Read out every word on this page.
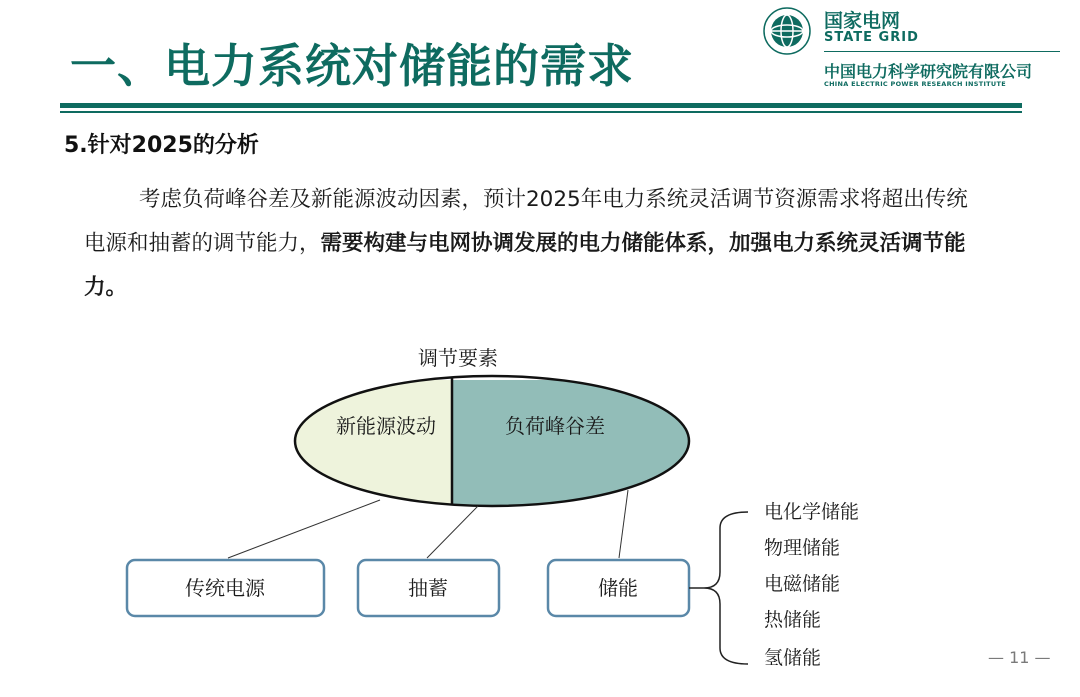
一、电力系统对储能的需求
国家电网
STATE GRID
中国电力科学研究院有限公司
CHINA ELECTRIC POWER RESEARCH INSTITUTE
5.针对2025的分析
考虑负荷峰谷差及新能源波动因素，预计2025年电力系统灵活调节资源需求将超出传统电源和抽蓄的调节能力，需要构建与电网协调发展的电力储能体系，加强电力系统灵活调节能力。
调节要素
新能源波动	负荷峰谷差
传统电源	抽蓄	储能
电化学储能
物理储能
电磁储能
热储能
氢储能	— 11 —
